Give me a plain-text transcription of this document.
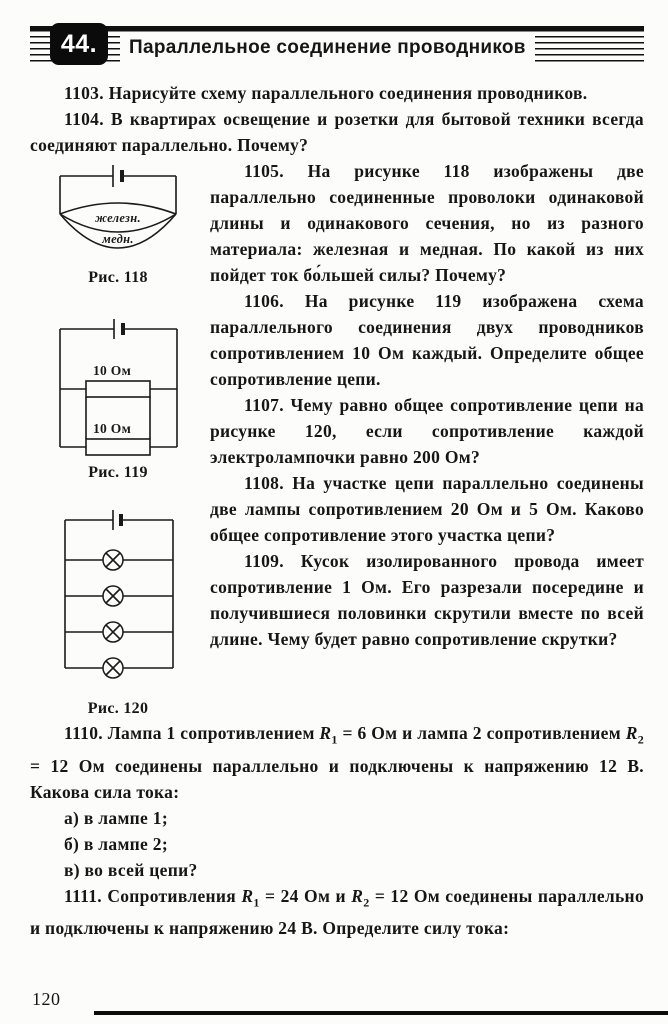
44.	Параллельное соединение проводников

1103. Нарисуйте схему параллельного соединения проводников.

1104. В квартирах освещение и розетки для бытовой техники всегда соединяют параллельно. Почему?

железн.
медн.
Рис. 118
10 Ом
10 Ом
Рис. 119
Рис. 120

1105. На рисунке 118 изображены две параллельно соединенные проволоки одинаковой длины и одинакового сечения, но из разного материала: железная и медная. По какой из них пойдет ток бо́льшей силы? Почему?

1106. На рисунке 119 изображена схема параллельного соединения двух проводников сопротивлением 10 Ом каждый. Определите общее сопротивление цепи.

1107. Чему равно общее сопротивление цепи на рисунке 120, если сопротивление каждой электролампочки равно 200 Ом?

1108. На участке цепи параллельно соединены две лампы сопротивлением 20 Ом и 5 Ом. Каково общее сопротивление этого участка цепи?

1109. Кусок изолированного провода имеет сопротивление 1 Ом. Его разрезали посередине и получившиеся половинки скрутили вместе по всей длине. Чему будет равно сопротивление скрутки?

1110. Лампа 1 сопротивлением $R_1 = 6$ Ом и лампа 2 сопротивлением $R_2 = 12$ Ом соединены параллельно и подключены к напряжению 12 В. Какова сила тока:

а) в лампе 1;
б) в лампе 2;
в) во всей цепи?

1111. Сопротивления $R_1 = 24$ Ом и $R_2 = 12$ Ом соединены параллельно и подключены к напряжению 24 В. Определите силу тока:

120
